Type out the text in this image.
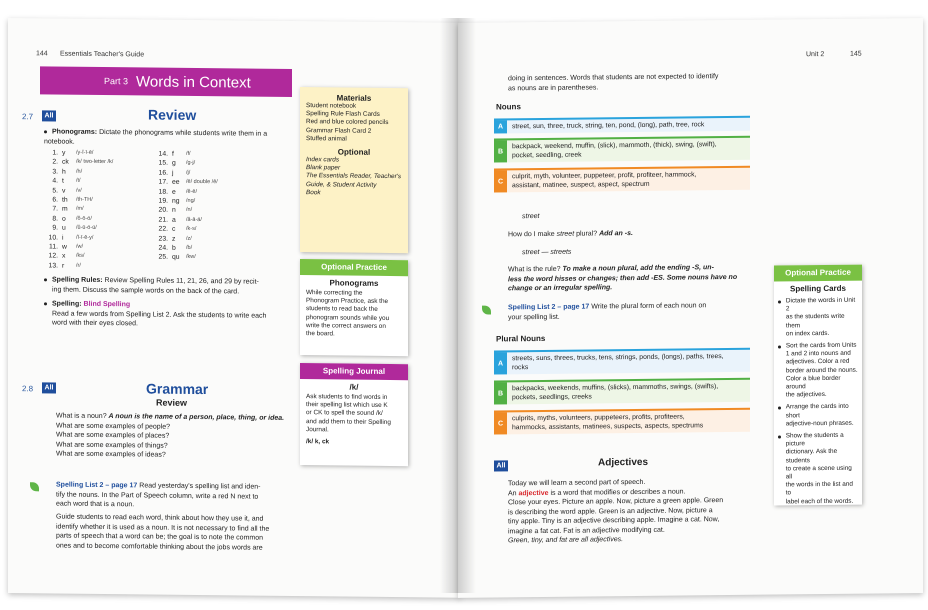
144 Essentials Teacher's Guide
Part 3 Words in Context
2.7	All	Review
Phonograms: Dictate the phonograms while students write them in a notebook.
1. y	/y-ĭ-ī-ē/
2. ck	/k/ two-letter /k/
3. h	/h/
4. t	/t/
5. v	/v/
6. th	/th-TH/
7. m	/m/
8. o	/ŏ-ō-ö/
9. u	/ŭ-ū-ö-ü/
10. i	/ĭ-ī-ē-y/
11. w	/w/
12. x	/ks/
13. r	/r/
14. f	/f/
15. g	/g-j/
16. j	/j/
17. ee	/ē/ double /ē/
18. e	/ĕ-ē/
19. ng	/ng/
20. n	/n/
21. a	/ă-ā-ä/
22. c	/k-s/
23. z	/z/
24. b	/b/
25. qu	/kw/
Spelling Rules: Review Spelling Rules 11, 21, 26, and 29 by recit-
ing them. Discuss the sample words on the back of the card.
Spelling: Blind Spelling
Read a few words from Spelling List 2. Ask the students to write each
word with their eyes closed.
2.8	All	Grammar
Review
What is a noun? A noun is the name of a person, place, thing, or idea.
What are some examples of people?
What are some examples of places?
What are some examples of things?
What are some examples of ideas?
Spelling List 2 – page 17 Read yesterday's spelling list and iden-
tify the nouns. In the Part of Speech column, write a red N next to
each word that is a noun.
Guide students to read each word, think about how they use it, and
identify whether it is used as a noun. It is not necessary to find all the
parts of speech that a word can be; the goal is to note the common
ones and to become comfortable thinking about the jobs words are
Materials
Student notebook
Spelling Rule Flash Cards
Red and blue colored pencils
Grammar Flash Card 2
Stuffed animal
Optional
Index cards
Blank paper
The Essentials Reader, Teacher's
Guide, & Student Activity
Book
Optional Practice
Phonograms
While correcting the
Phonogram Practice, ask the
students to read back the
phonogram sounds while you
write the correct answers on
the board.
Spelling Journal
/k/
Ask students to find words in
their spelling list which use K
or CK to spell the sound /k/
and add them to their Spelling
Journal.
/k/ k, ck
Unit 2	145
doing in sentences. Words that students are not expected to identify
as nouns are in parentheses.
Nouns
A	street, sun, three, truck, string, ten, pond, (long), path, tree, rock
B
backpack, weekend, muffin, (slick), mammoth, (thick), swing, (swift),
pocket, seedling, creek
C
culprit, myth, volunteer, puppeteer, profit, profiteer, hammock,
assistant, matinee, suspect, aspect, spectrum
street
How do I make street plural? Add an -s.
street — streets
What is the rule? To make a noun plural, add the ending -S, un-
less the word hisses or changes; then add -ES. Some nouns have no
change or an irregular spelling.
Spelling List 2 – page 17 Write the plural form of each noun on
your spelling list.
Plural Nouns
A
streets, suns, threes, trucks, tens, strings, ponds, (longs), paths, trees,
rocks
B
backpacks, weekends, muffins, (slicks), mammoths, swings, (swifts),
pockets, seedlings, creeks
C
culprits, myths, volunteers, puppeteers, profits, profiteers,
hammocks, assistants, matinees, suspects, aspects, spectrums
All	Adjectives
Today we will learn a second part of speech.
An adjective is a word that modifies or describes a noun.
Close your eyes. Picture an apple. Now, picture a green apple. Green
is describing the word apple. Green is an adjective. Now, picture a
tiny apple. Tiny is an adjective describing apple. Imagine a cat. Now,
imagine a fat cat. Fat is an adjective modifying cat.
Green, tiny, and fat are all adjectives.
Optional Practice
Spelling Cards
Dictate the words in Unit 2
as the students write them
on index cards.
Sort the cards from Units
1 and 2 into nouns and
adjectives. Color a red
border around the nouns.
Color a blue border around
the adjectives.
Arrange the cards into short
adjective-noun phrases.
Show the students a picture
dictionary. Ask the students
to create a scene using all
the words in the list and to
label each of the words.
